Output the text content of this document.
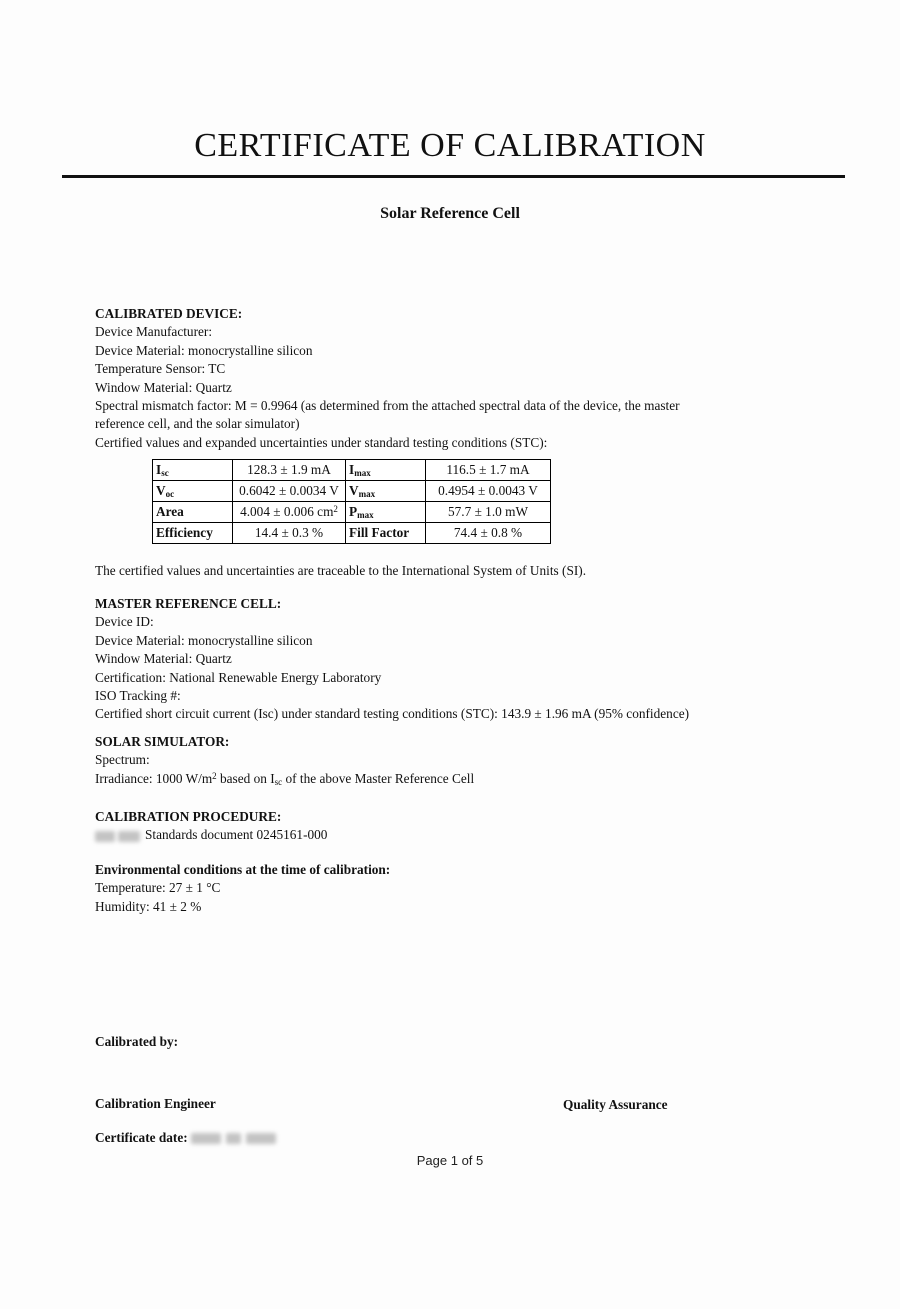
CERTIFICATE OF CALIBRATION
Solar Reference Cell
CALIBRATED DEVICE:
Device Manufacturer:
Device Material: monocrystalline silicon
Temperature Sensor: TC
Window Material: Quartz
Spectral mismatch factor: M = 0.9964 (as determined from the attached spectral data of the device, the master reference cell, and the solar simulator)
Certified values and expanded uncertainties under standard testing conditions (STC):
$I_{sc}$	128.3 ± 1.9 mA	$I_{max}$	116.5 ± 1.7 mA
$V_{oc}$	0.6042 ± 0.0034 V	$V_{max}$	0.4954 ± 0.0043 V
Area	4.004 ± 0.006 $cm^2$	$P_{max}$	57.7 ± 1.0 mW
Efficiency	14.4 ± 0.3 %	Fill Factor	74.4 ± 0.8 %
The certified values and uncertainties are traceable to the International System of Units (SI).
MASTER REFERENCE CELL:
Device ID:
Device Material: monocrystalline silicon
Window Material: Quartz
Certification: National Renewable Energy Laboratory
ISO Tracking #:
Certified short circuit current (Isc) under standard testing conditions (STC): 143.9 ± 1.96 mA (95% confidence)
SOLAR SIMULATOR:
Spectrum:
Irradiance: 1000 $W/m^2$ based on $I_{sc}$ of the above Master Reference Cell
CALIBRATION PROCEDURE:
Standards document 0245161-000
Environmental conditions at the time of calibration:
Temperature: 27 ± 1 °C
Humidity: 41 ± 2 %
Calibrated by:
Calibration Engineer	Quality Assurance
Certificate date:
Page 1 of 5
